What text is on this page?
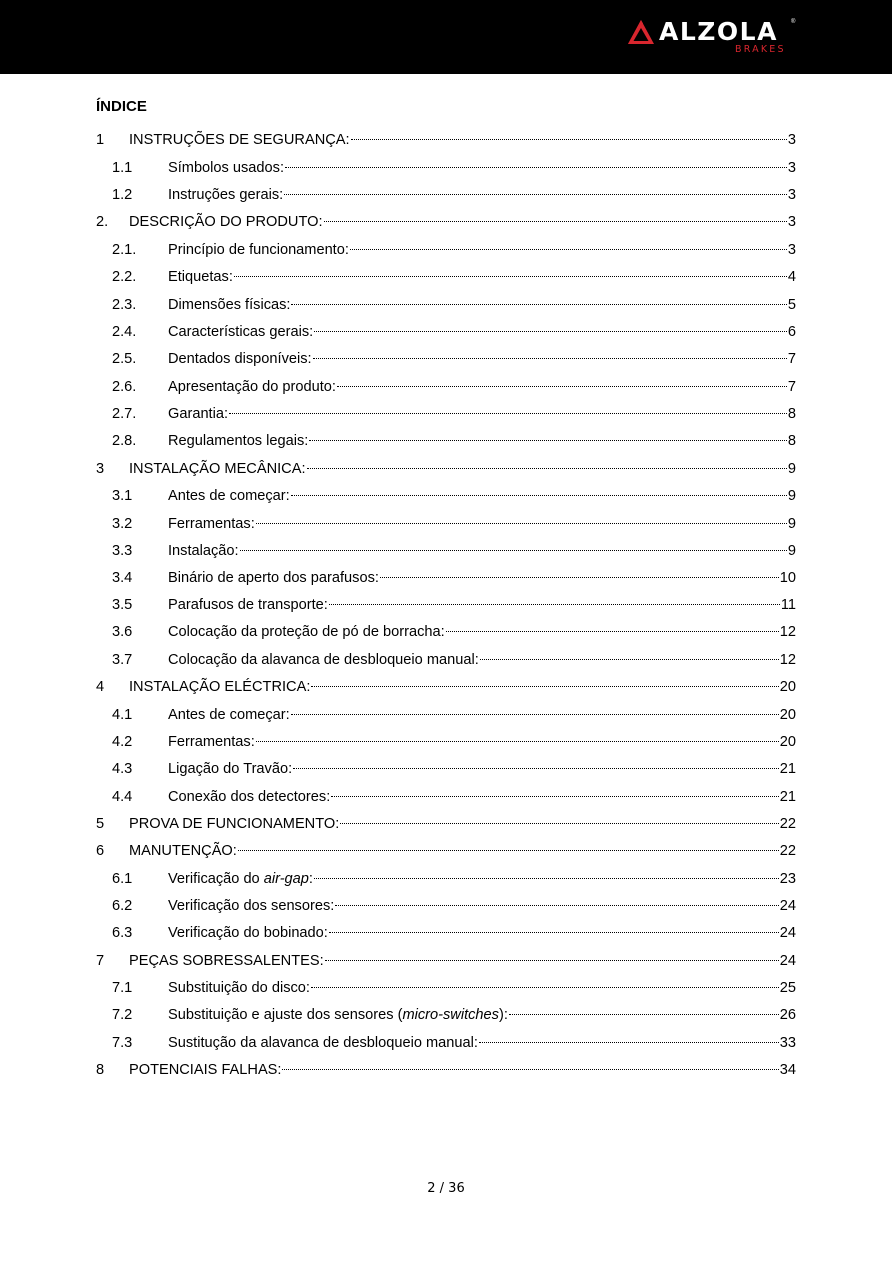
ALZOLA ®
BRAKES
ÍNDICE
1 INSTRUÇÕES DE SEGURANÇA:	3
1.1 Símbolos usados:	3
1.2 Instruções gerais:	3
2. DESCRIÇÃO DO PRODUTO:	3
2.1. Princípio de funcionamento:	3
2.2. Etiquetas:	4
2.3. Dimensões físicas:	5
2.4. Características gerais:	6
2.5. Dentados disponíveis:	7
2.6. Apresentação do produto:	7
2.7. Garantia:	8
2.8. Regulamentos legais:	8
3 INSTALAÇÃO MECÂNICA:	9
3.1 Antes de começar:	9
3.2 Ferramentas:	9
3.3 Instalação:	9
3.4 Binário de aperto dos parafusos:	10
3.5 Parafusos de transporte:	11
3.6 Colocação da proteção de pó de borracha:	12
3.7 Colocação da alavanca de desbloqueio manual:	12
4 INSTALAÇÃO ELÉCTRICA:	20
4.1 Antes de começar:	20
4.2 Ferramentas:	20
4.3 Ligação do Travão:	21
4.4 Conexão dos detectores:	21
5 PROVA DE FUNCIONAMENTO:	22
6 MANUTENÇÃO:	22
6.1 Verificação do air-gap:	23
6.2 Verificação dos sensores:	24
6.3 Verificação do bobinado:	24
7 PEÇAS SOBRESSALENTES:	24
7.1 Substituição do disco:	25
7.2 Substituição e ajuste dos sensores (micro-switches):	26
7.3 Sustitução da alavanca de desbloqueio manual:	33
8 POTENCIAIS FALHAS:	34
2 / 36
